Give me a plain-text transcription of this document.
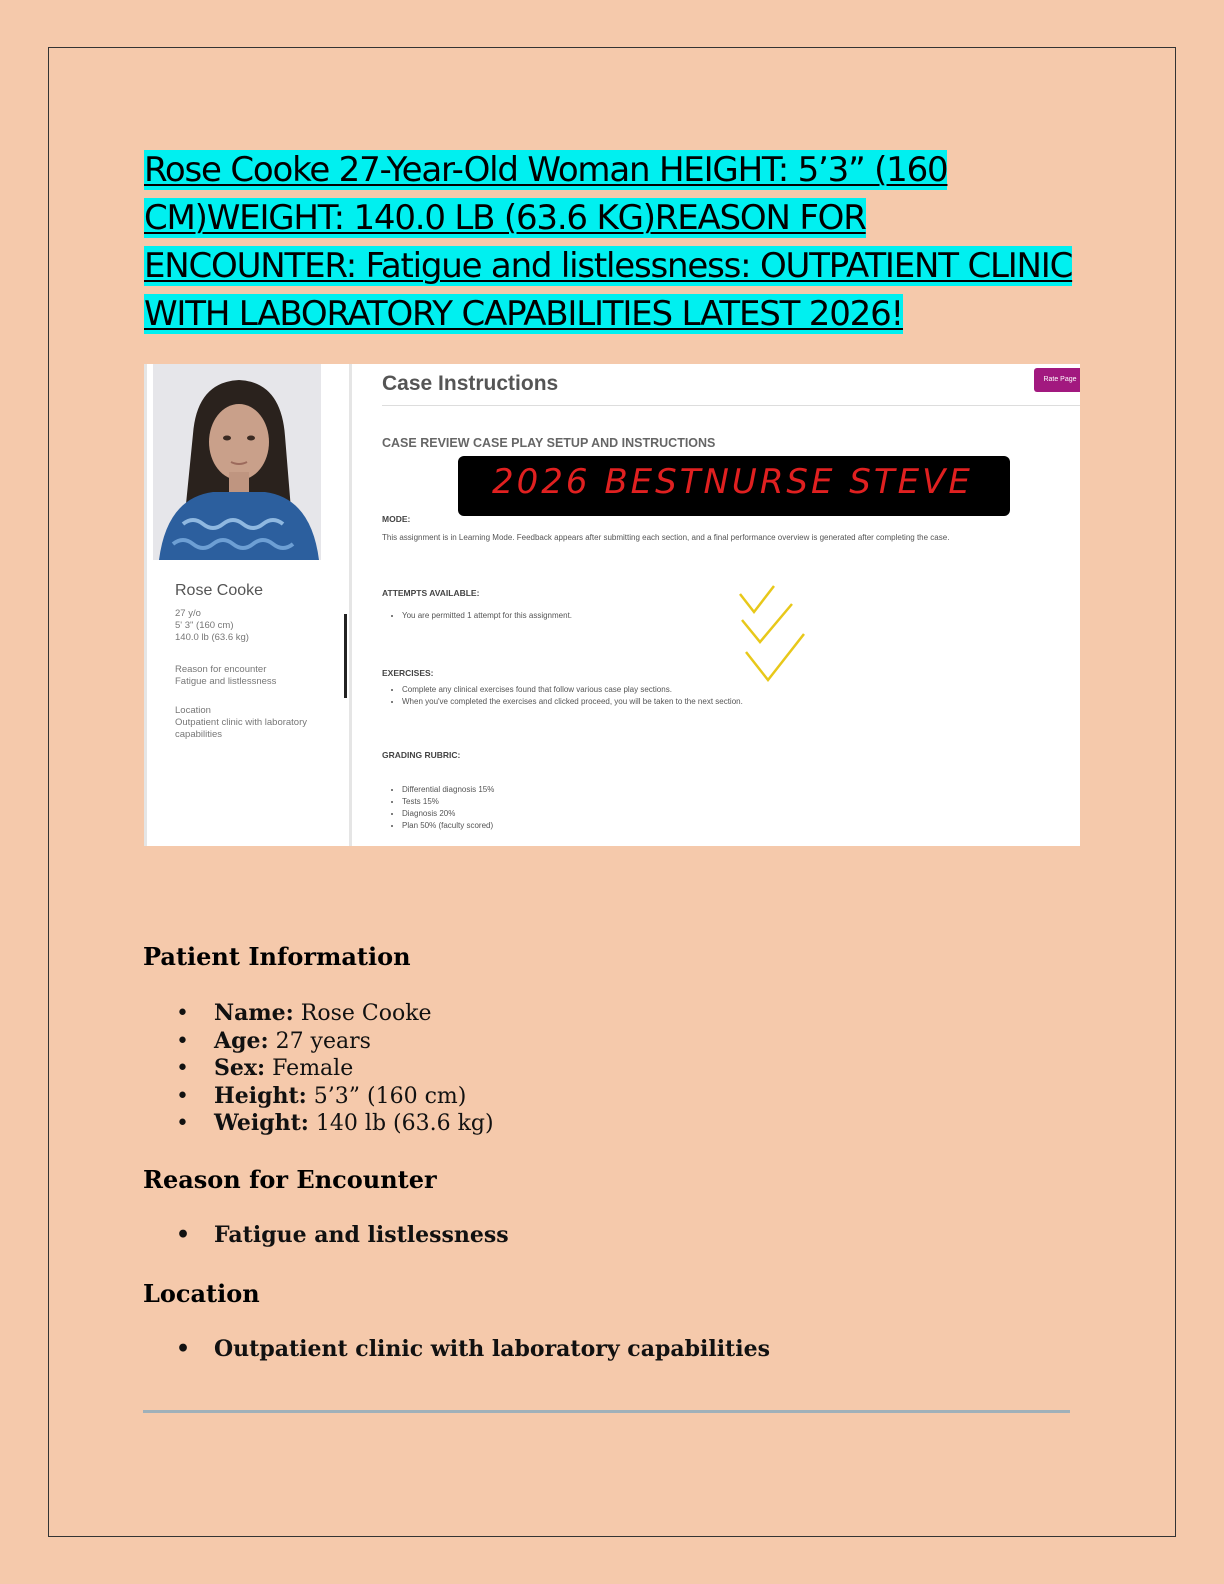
Rose Cooke 27-Year-Old Woman HEIGHT: 5’3” (160 CM)WEIGHT: 140.0 LB (63.6 KG)REASON FOR ENCOUNTER: Fatigue and listlessness: OUTPATIENT CLINIC WITH LABORATORY CAPABILITIES LATEST 2026!
Rose Cooke
27 y/o
5' 3" (160 cm)
140.0 lb (63.6 kg)
Reason for encounter
Fatigue and listlessness
Location
Outpatient clinic with laboratory capabilities
Case Instructions	Rate Page
CASE REVIEW CASE PLAY SETUP AND INSTRUCTIONS
2026 BESTNURSE STEVE
MODE:
This assignment is in Learning Mode. Feedback appears after submitting each section, and a final performance overview is generated after completing the case.
ATTEMPTS AVAILABLE:
• You are permitted 1 attempt for this assignment.
EXERCISES:
• Complete any clinical exercises found that follow various case play sections.
• When you've completed the exercises and clicked proceed, you will be taken to the next section.
GRADING RUBRIC:
• Differential diagnosis 15%
• Tests 15%
• Diagnosis 20%
• Plan 50% (faculty scored)
Patient Information
• Name: Rose Cooke
• Age: 27 years
• Sex: Female
• Height: 5’3” (160 cm)
• Weight: 140 lb (63.6 kg)
Reason for Encounter
• Fatigue and listlessness
Location
• Outpatient clinic with laboratory capabilities
